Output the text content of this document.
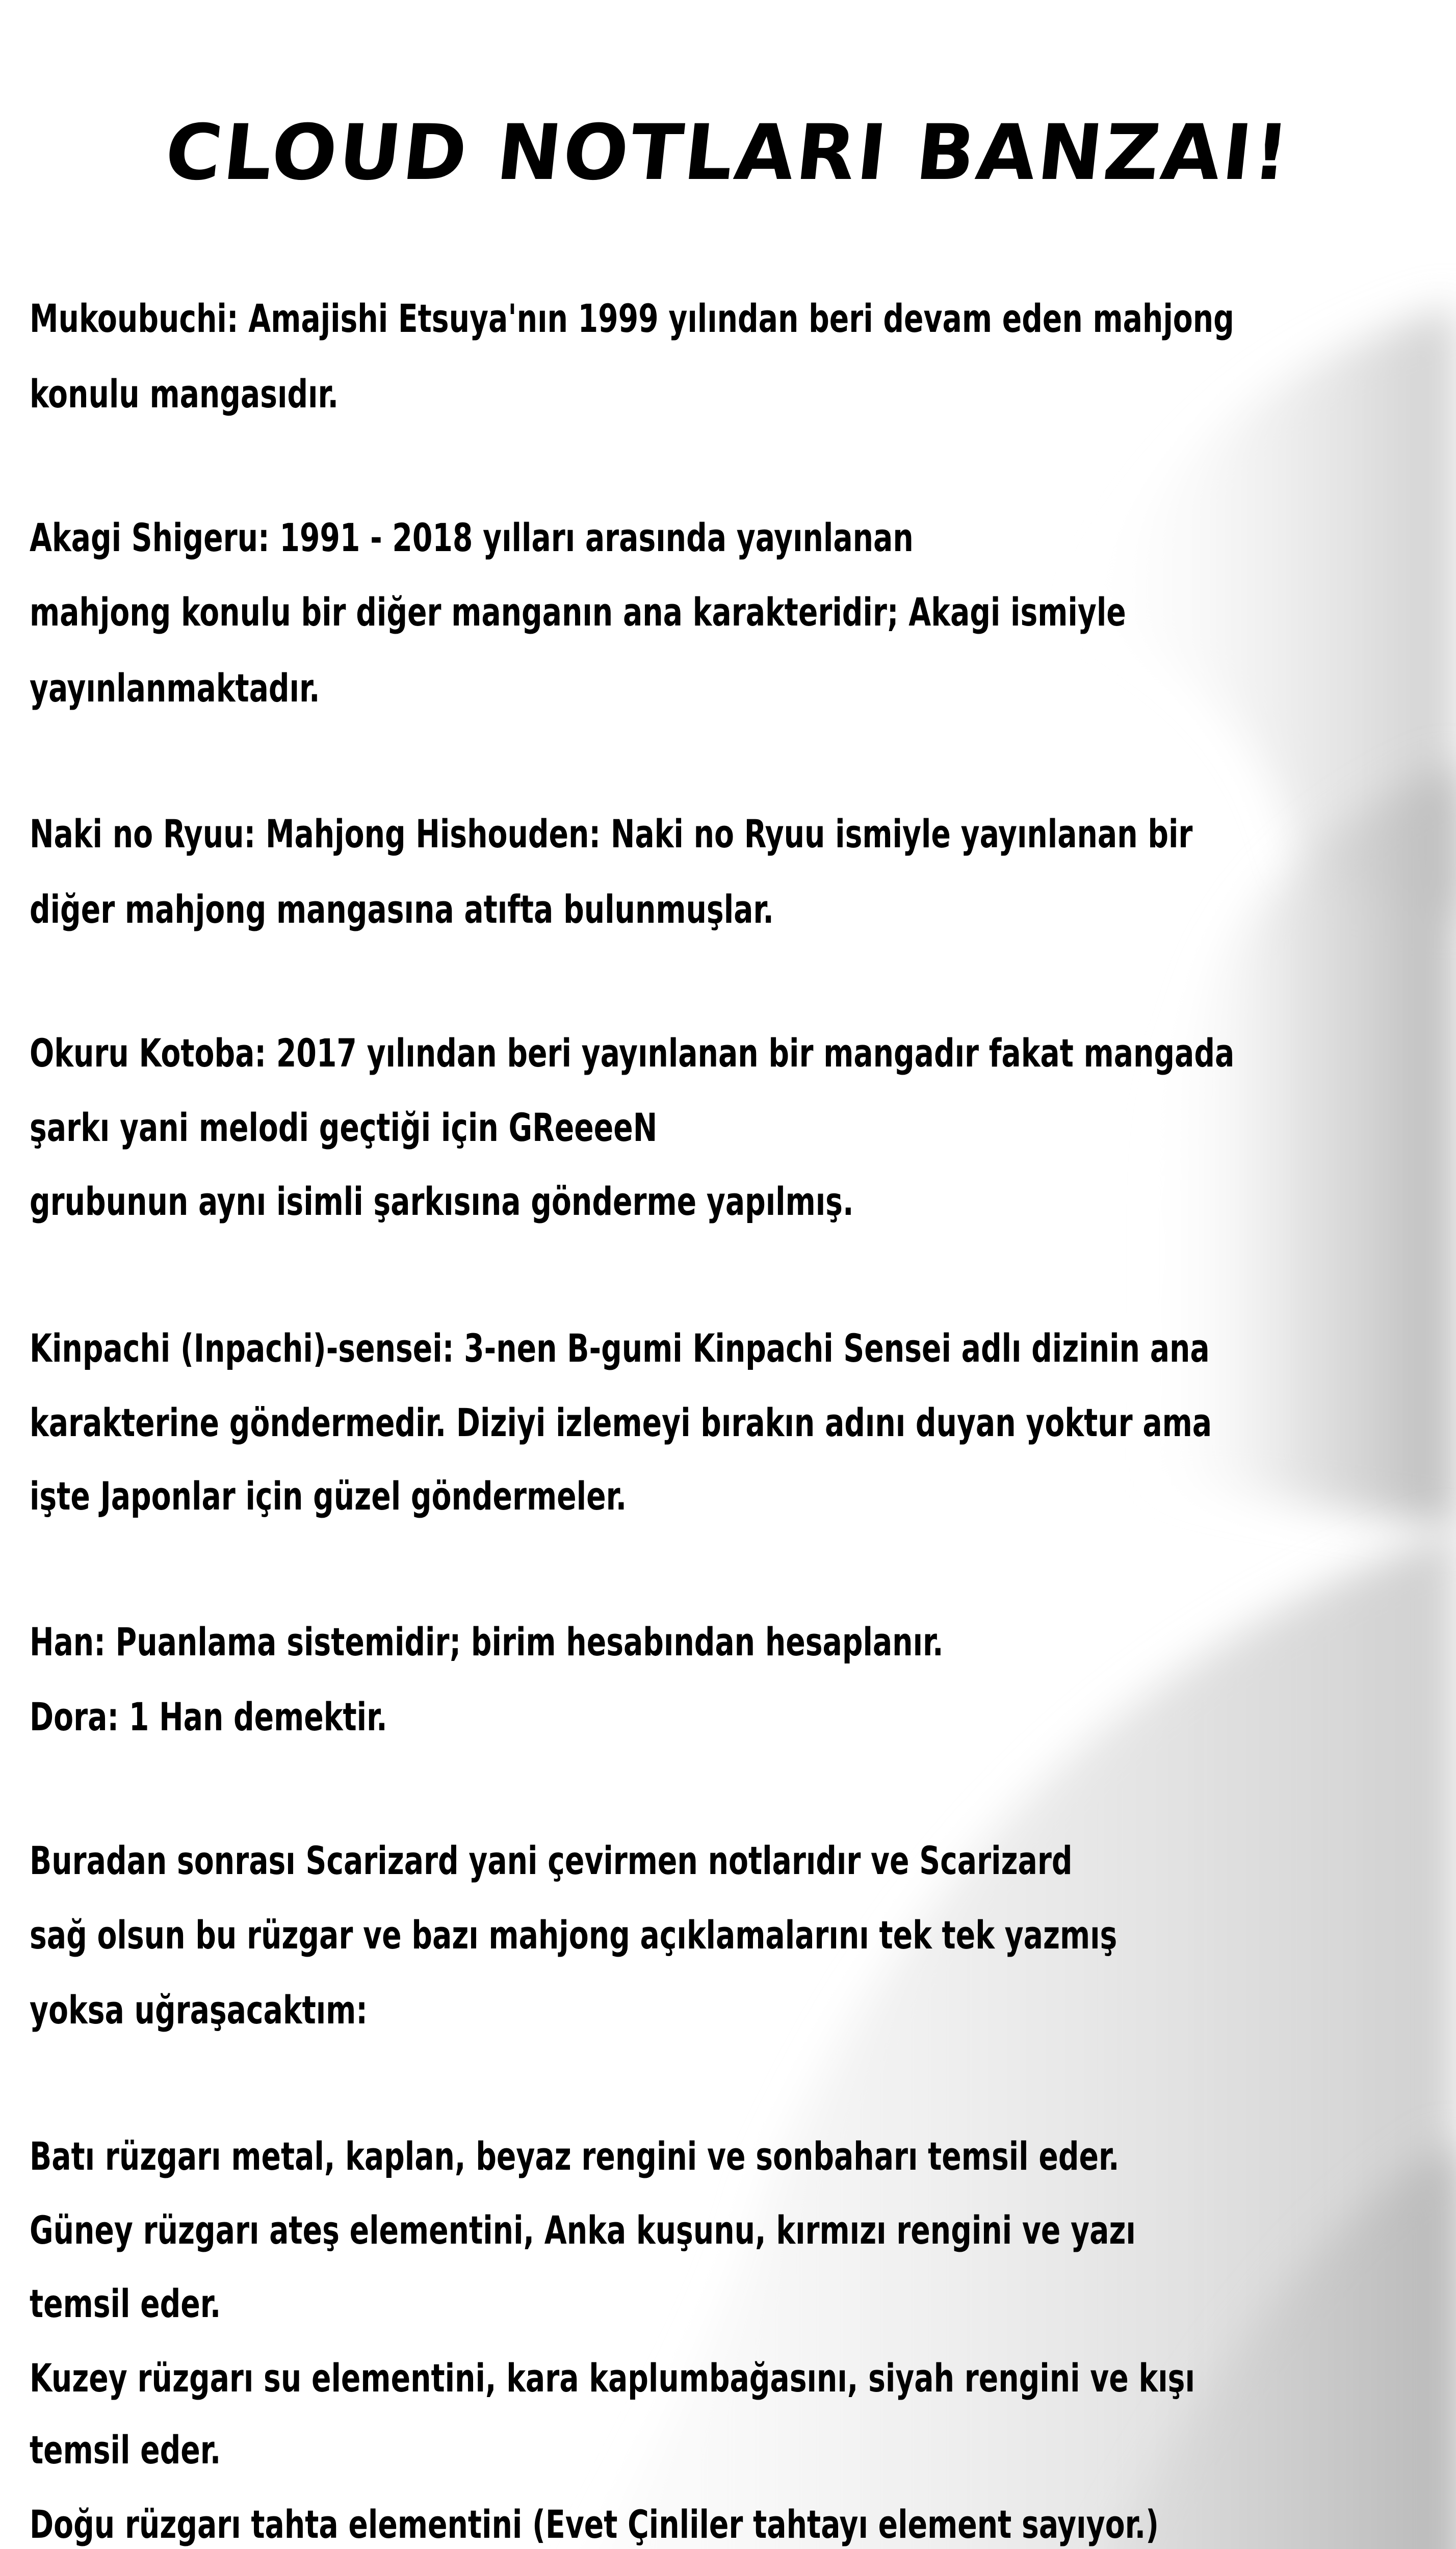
CLOUD NOTLARI BANZAI!
Mukoubuchi: Amajishi Etsuya'nın 1999 yılından beri devam eden mahjong
konulu mangasıdır.
Akagi Shigeru: 1991 - 2018 yılları arasında yayınlanan
mahjong konulu bir diğer manganın ana karakteridir; Akagi ismiyle
yayınlanmaktadır.
Naki no Ryuu: Mahjong Hishouden: Naki no Ryuu ismiyle yayınlanan bir
diğer mahjong mangasına atıfta bulunmuşlar.
Okuru Kotoba: 2017 yılından beri yayınlanan bir mangadır fakat mangada
şarkı yani melodi geçtiği için GReeeeN
grubunun aynı isimli şarkısına gönderme yapılmış.
Kinpachi (Inpachi)-sensei: 3-nen B-gumi Kinpachi Sensei adlı dizinin ana
karakterine göndermedir. Diziyi izlemeyi bırakın adını duyan yoktur ama
işte Japonlar için güzel göndermeler.
Han: Puanlama sistemidir; birim hesabından hesaplanır.
Dora: 1 Han demektir.
Buradan sonrası Scarizard yani çevirmen notlarıdır ve Scarizard
sağ olsun bu rüzgar ve bazı mahjong açıklamalarını tek tek yazmış
yoksa uğraşacaktım:
Batı rüzgarı metal, kaplan, beyaz rengini ve sonbaharı temsil eder.
Güney rüzgarı ateş elementini, Anka kuşunu, kırmızı rengini ve yazı
temsil eder.
Kuzey rüzgarı su elementini, kara kaplumbağasını, siyah rengini ve kışı
temsil eder.
Doğu rüzgarı tahta elementini (Evet Çinliler tahtayı element sayıyor.)
